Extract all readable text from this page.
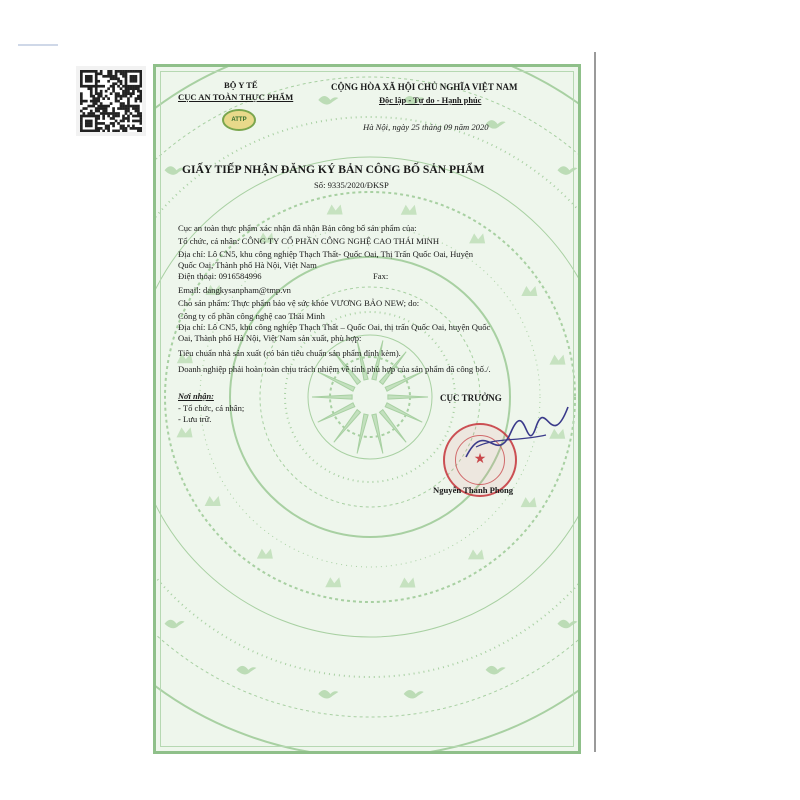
BỘ Y TẾ
CỤC AN TOÀN THỰC PHẨM
ATTP
CỘNG HÒA XÃ HỘI CHỦ NGHĨA VIỆT NAM
Độc lập - Tự do - Hạnh phúc
Hà Nội, ngày 25 tháng 09 năm 2020
GIẤY TIẾP NHẬN ĐĂNG KÝ BẢN CÔNG BỐ SẢN PHẨM
Số: 9335/2020/ĐKSP
Cục an toàn thực phẩm xác nhận đã nhận Bản công bố sản phẩm của:
Tổ chức, cá nhân: CÔNG TY CỔ PHẦN CÔNG NGHỆ CAO THÁI MINH
Địa chỉ: Lô CN5, khu công nghiệp Thạch Thất- Quốc Oai, Thị Trấn Quốc Oai, Huyện
Quốc Oai, Thành phố Hà Nội, Việt Nam
Điện thoại: 0916584996	Fax:
Email: dangkysanpham@tmp.vn
Cho sản phẩm: Thực phẩm bảo vệ sức khỏe VƯƠNG BẢO NEW; do:
Công ty cổ phần công nghệ cao Thái Minh
Địa chỉ: Lô CN5, khu công nghiệp Thạch Thất – Quốc Oai, thị trấn Quốc Oai, huyện Quốc
Oai, Thành phố Hà Nội, Việt Nam sản xuất, phù hợp:
Tiêu chuẩn nhà sản xuất (có bản tiêu chuẩn sản phẩm đính kèm).
Doanh nghiệp phải hoàn toàn chịu trách nhiệm về tính phù hợp của sản phẩm đã công bố./.
Nơi nhận:
- Tổ chức, cá nhân;
- Lưu trữ.
CỤC TRƯỞNG
★
Nguyễn Thanh Phong
